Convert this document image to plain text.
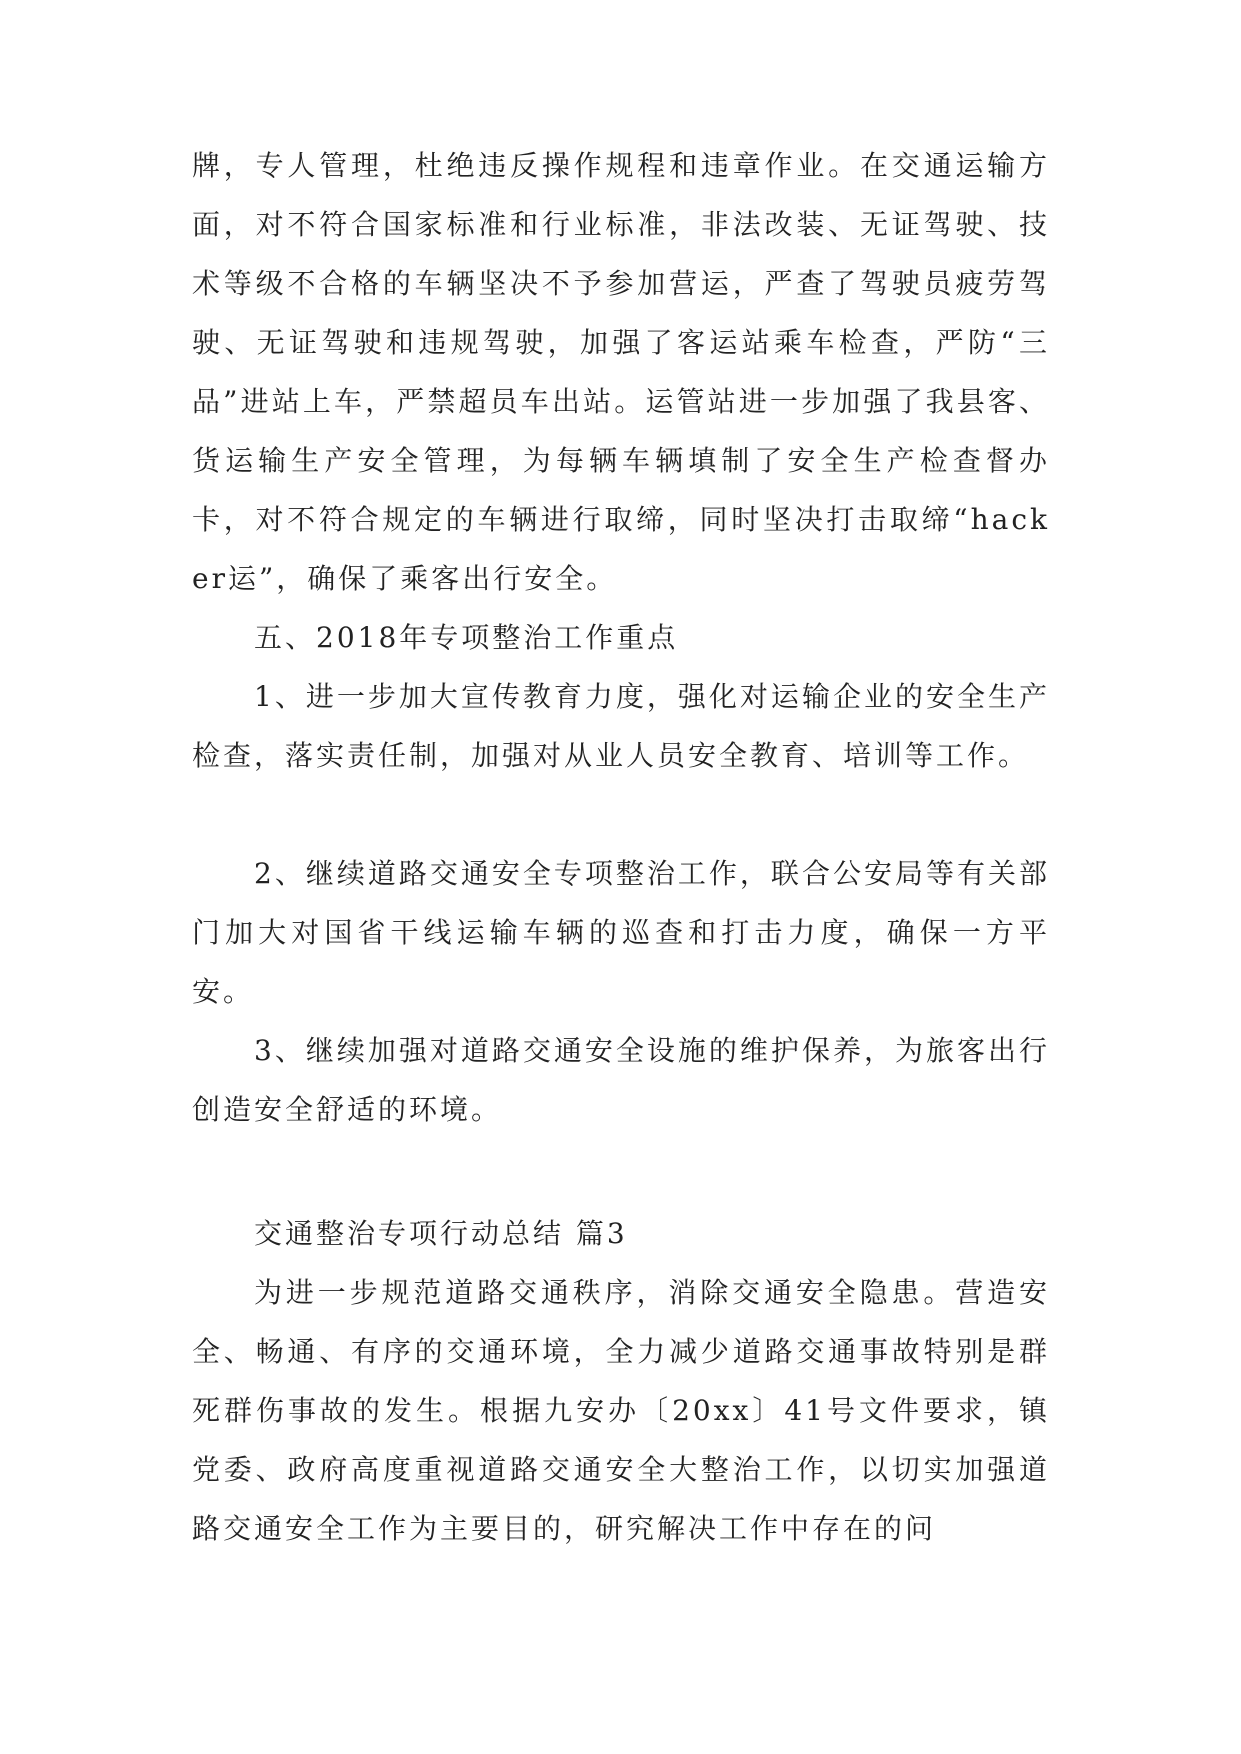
牌，专人管理，杜绝违反操作规程和违章作业。在交通运输方面，对不符合国家标准和行业标准，非法改装、无证驾驶、技术等级不合格的车辆坚决不予参加营运，严查了驾驶员疲劳驾驶、无证驾驶和违规驾驶，加强了客运站乘车检查，严防“三品”进站上车，严禁超员车出站。运管站进一步加强了我县客、货运输生产安全管理，为每辆车辆填制了安全生产检查督办卡，对不符合规定的车辆进行取缔，同时坚决打击取缔“hacker运”，确保了乘客出行安全。

五、2018年专项整治工作重点

1、进一步加大宣传教育力度，强化对运输企业的安全生产检查，落实责任制，加强对从业人员安全教育、培训等工作。

2、继续道路交通安全专项整治工作，联合公安局等有关部门加大对国省干线运输车辆的巡查和打击力度，确保一方平安。

3、继续加强对道路交通安全设施的维护保养，为旅客出行创造安全舒适的环境。

交通整治专项行动总结 篇3

为进一步规范道路交通秩序，消除交通安全隐患。营造安全、畅通、有序的交通环境，全力减少道路交通事故特别是群死群伤事故的发生。根据九安办〔20xx〕41号文件要求，镇党委、政府高度重视道路交通安全大整治工作，以切实加强道路交通安全工作为主要目的，研究解决工作中存在的问
